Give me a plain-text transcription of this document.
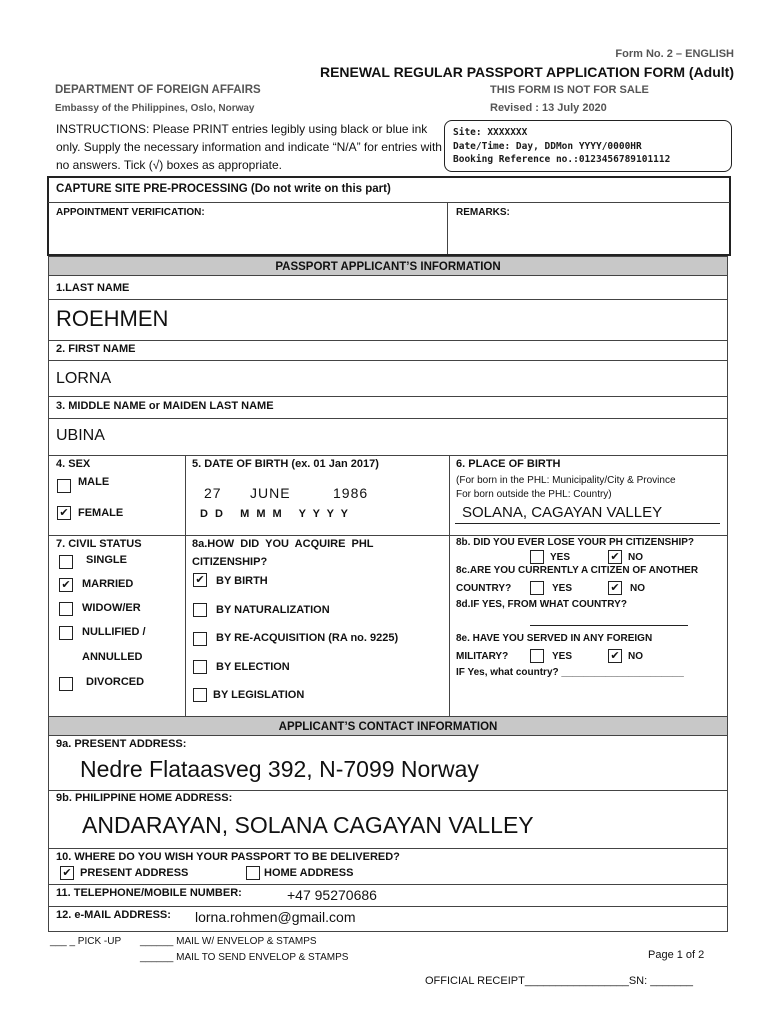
Form No. 2 – ENGLISH
RENEWAL REGULAR PASSPORT APPLICATION FORM (Adult)
DEPARTMENT OF FOREIGN AFFAIRS
Embassy of the Philippines, Oslo, Norway
THIS FORM IS NOT FOR SALE
Revised : 13 July 2020
INSTRUCTIONS: Please PRINT entries legibly using black or blue ink only. Supply the necessary information and indicate “N/A” for entries with no answers. Tick (√) boxes as appropriate.
Site: XXXXXXX
Date/Time: Day, DDMon YYYY/0000HR
Booking Reference no.:0123456789101112
CAPTURE SITE PRE-PROCESSING (Do not write on this part)
APPOINTMENT VERIFICATION:	REMARKS:
PASSPORT APPLICANT’S INFORMATION
1.LAST NAME
ROEHMEN
2. FIRST NAME
LORNA
3. MIDDLE NAME or MAIDEN LAST NAME
UBINA
4. SEX
MALE
✔ FEMALE
5. DATE OF BIRTH (ex. 01 Jan 2017)
27 JUNE	1986
D D   M M M   Y Y Y Y
6. PLACE OF BIRTH
(For born in the PHL: Municipality/City & Province
For born outside the PHL: Country)
SOLANA, CAGAYAN VALLEY
7. CIVIL STATUS
SINGLE
✔ MARRIED
WIDOW/ER
NULLIFIED /
ANNULLED
DIVORCED
8a.HOW  DID  YOU  ACQUIRE  PHL
CITIZENSHIP?
✔ BY BIRTH
BY NATURALIZATION
BY RE-ACQUISITION (RA no. 9225)
BY ELECTION
BY LEGISLATION
8b. DID YOU EVER LOSE YOUR PH CITIZENSHIP?
YES	✔ NO
8c.ARE YOU CURRENTLY A CITIZEN OF ANOTHER
COUNTRY?	YES	✔ NO
8d.IF YES, FROM WHAT COUNTRY?
8e. HAVE YOU SERVED IN ANY FOREIGN
MILITARY?	YES	✔ NO
IF Yes, what country? ______________________
APPLICANT’S CONTACT INFORMATION
9a. PRESENT ADDRESS:
Nedre Flataasveg 392, N-7099 Norway
9b. PHILIPPINE HOME ADDRESS:
ANDARAYAN, SOLANA CAGAYAN VALLEY
10. WHERE DO YOU WISH YOUR PASSPORT TO BE DELIVERED?
✔ PRESENT ADDRESS	HOME ADDRESS
11. TELEPHONE/MOBILE NUMBER:	+47 95270686
12. e-MAIL ADDRESS: lorna.rohmen@gmail.com
___ _ PICK -UP ______ MAIL W/ ENVELOP & STAMPS
______ MAIL TO SEND ENVELOP & STAMPS	Page 1 of 2
OFFICIAL RECEIPT_________________SN: _______
